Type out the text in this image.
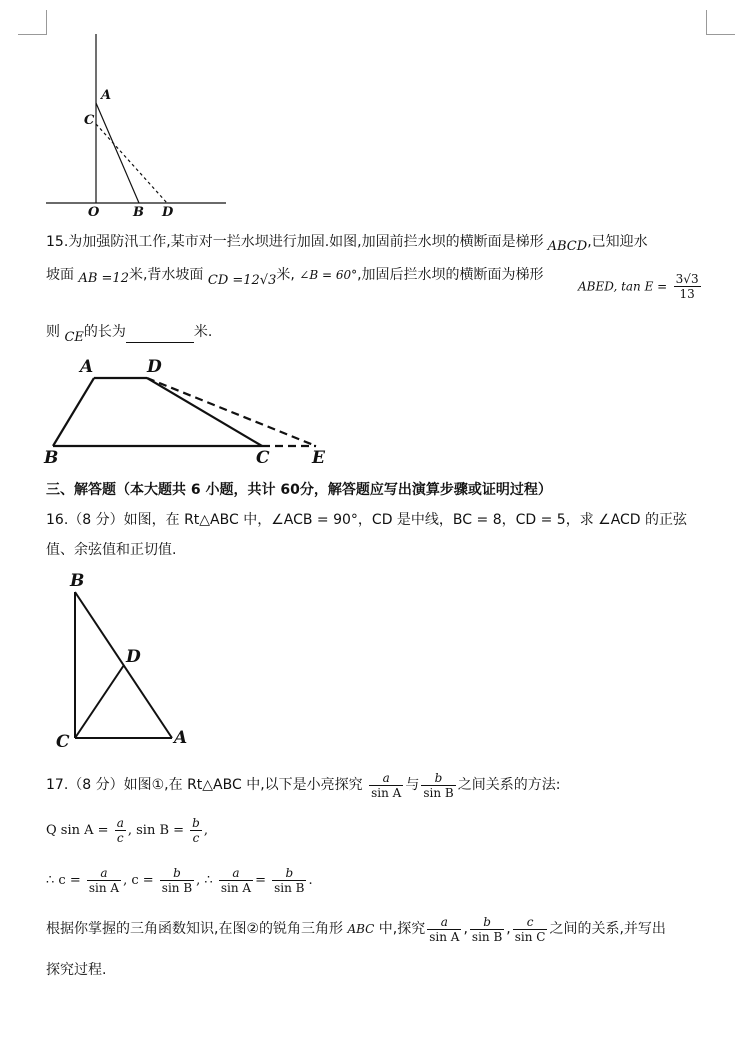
A
C
O	B D
15.为加强防汛工作,某市对一拦水坝进行加固.如图,加固前拦水坝的横断面是梯形 ABCD,已知迎水
坡面 AB =12米,背水坡面 CD =12√3米, ∠B = 60°,加固后拦水坝的横断面为梯形
ABED, $\tan E = \frac{3√3}{13}$
则 CE的长为	米.
A	D
B	C E
三、解答题（本大题共 6 小题，共计 60分，解答题应写出演算步骤或证明过程）
16.（8 分）如图，在 Rt△ABC 中，∠ACB = 90°，CD 是中线，BC = 8，CD = 5，求 ∠ACD 的正弦
值、余弦值和正切值.
B
D
C	A
17.（8 分）如图①,在 Rt△ABC 中,以下是小亮探究 $\frac{a}{\text{sin A}}$ 与 $\frac{b}{\text{sin B}}$ 之间关系的方法:
Q $\sin A = \frac{a}{c}$ , $\sin B = \frac{b}{c}$ ,
∴ $c = \frac{a}{\text{sin A}}$ , $c = \frac{b}{\text{sin B}}$ , ∴ $\frac{a}{\text{sin A}} = \frac{b}{\text{sin B}}$ .
根据你掌握的三角函数知识,在图②的锐角三角形 ABC 中,探究 $\frac{a}{\text{sin A}}$ , $\frac{b}{\text{sin B}}$ , $\frac{c}{\text{sin C}}$ 之间的关系,并写出
探究过程.
